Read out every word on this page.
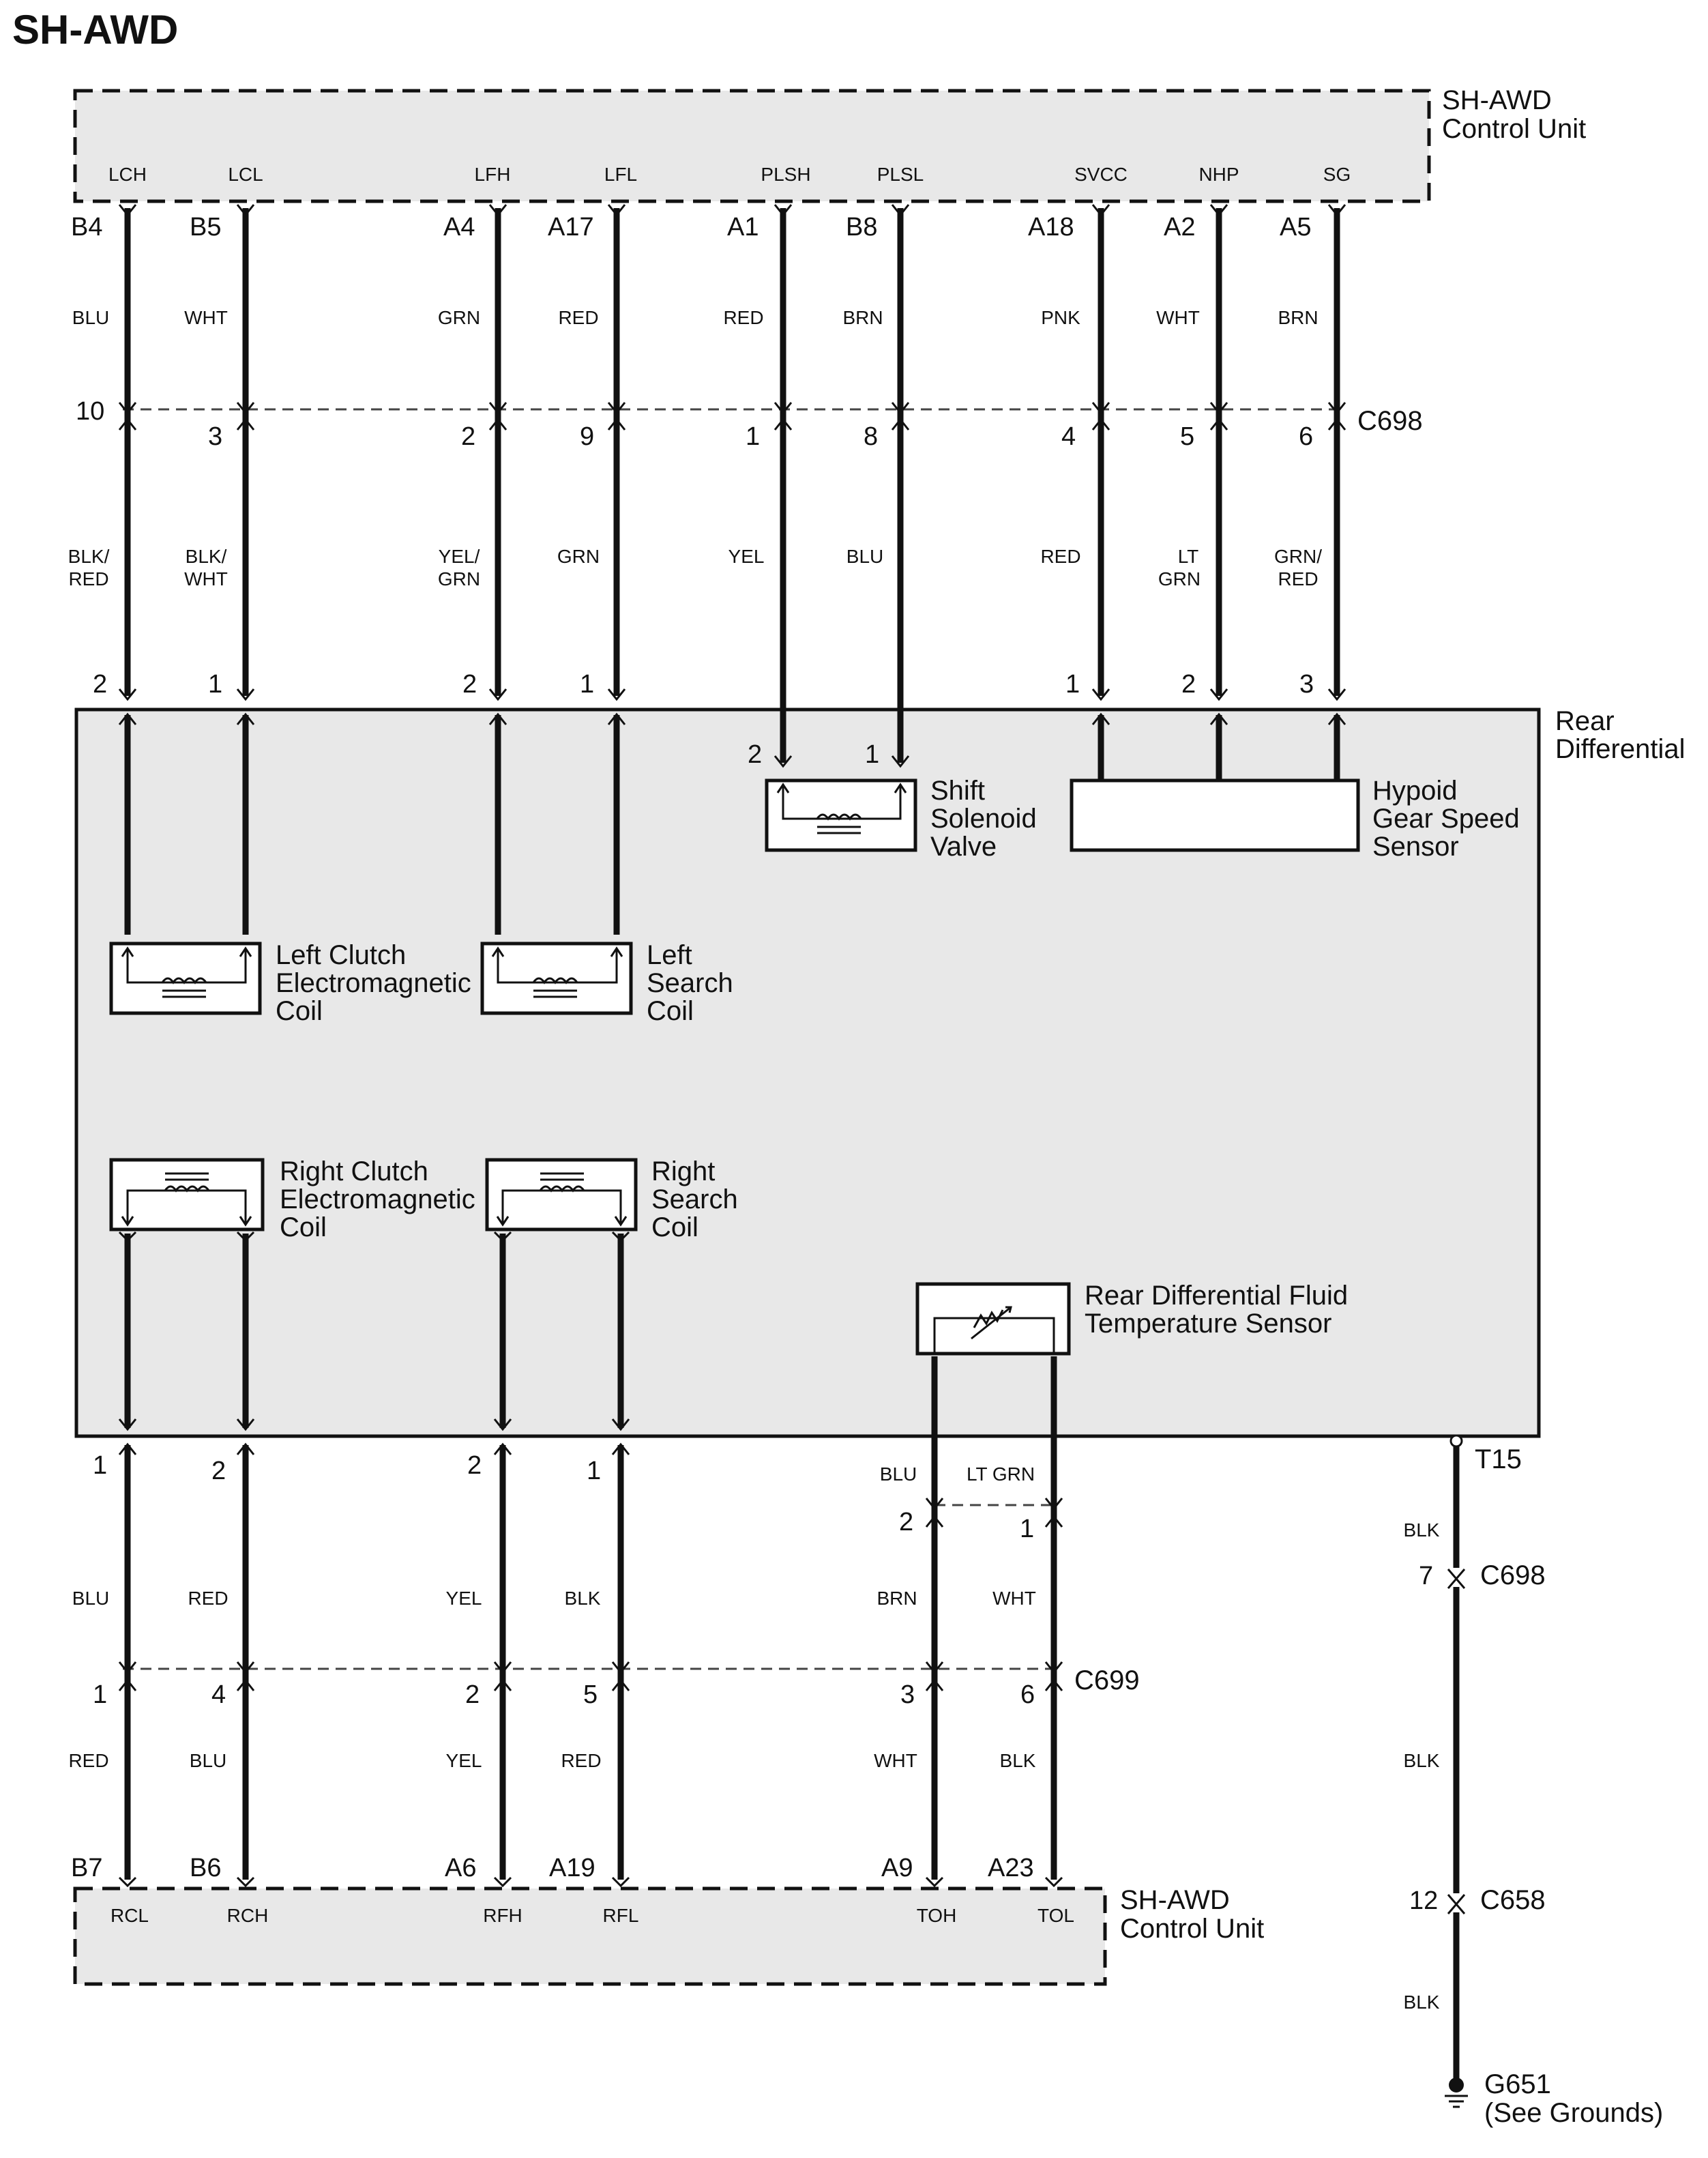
SH-AWD
SH-AWD
Control Unit
Rear
Differential
SH-AWD
Control Unit
C698
C699
LCH	LCL	LFH	LFL	PLSH	PLSL	SVCC	NHP	SG
B4	B5	A4	A17	A1	B8	A18	A2	A5
BLU	WHT	GRN	RED	RED	BRN	PNK	WHT	BRN
10
3	2	9	1	8	4	5	6
BLK/
RED
BLK/
WHT
YEL/
GRN
GRN	YEL	BLU	RED	LT
GRN
GRN/
RED
2	1	2	1
2	1
1	2	3
Shift
Solenoid
Valve
Hypoid
Gear Speed
Sensor
Left Clutch
Electromagnetic
Coil
Left
Search
Coil
Right Clutch
Electromagnetic
Coil
Right
Search
Coil
Rear Differential Fluid
Temperature Sensor
1	2	2	1	BLU	LT GRN
2	1
BLU	RED	YEL	BLK	BRN	WHT
1	4	2	5	3	6
RED	BLU	YEL	RED	WHT	BLK
B7	B6	A6	A19	A9	A23
RCL	RCH	RFH	RFL	TOH	TOL
T15
BLK
7 C698
BLK
12 C658
BLK
G651
(See Grounds)
